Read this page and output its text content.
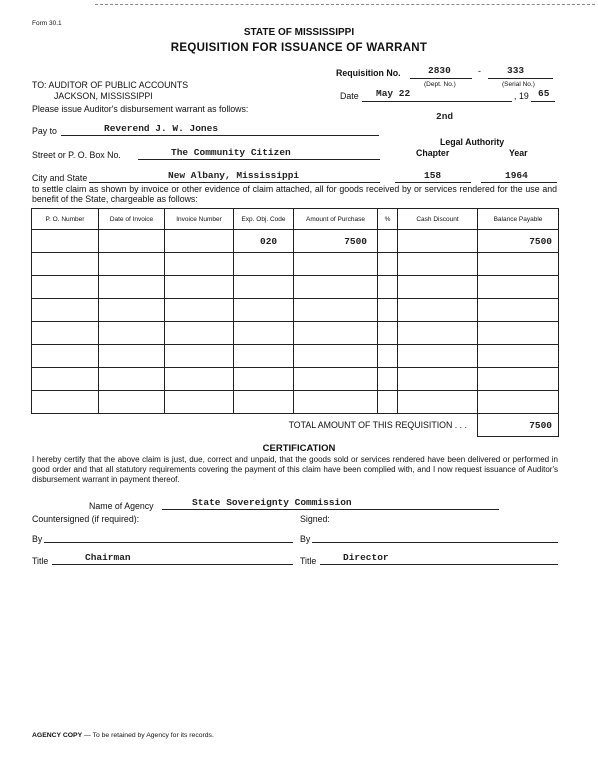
Form 30.1
STATE OF MISSISSIPPI
REQUISITION FOR ISSUANCE OF WARRANT
Requisition No.	2830	-	333
(Dept. No.)	(Serial No.)
Date May 22	, 19 65
TO: AUDITOR OF PUBLIC ACCOUNTS
JACKSON, MISSISSIPPI
Please issue Auditor's disbursement warrant as follows:
2nd
Legal Authority
Chapter	Year
Pay to	Reverend J. W. Jones
Street or P. O. Box No.	The Community Citizen
City and State	New Albany, Mississippi	158	1964
to settle claim as shown by invoice or other evidence of claim attached, all for goods received by or services rendered for the use and benefit of the State, chargeable as follows:
P. O. Number	Date of Invoice	Invoice Number	Exp. Obj. Code	Amount of Purchase	%	Cash Discount	Balance Payable
			020	7500			7500

TOTAL AMOUNT OF THIS REQUISITION . . .							7500
CERTIFICATION
I hereby certify that the above claim is just, due, correct and unpaid, that the goods sold or services rendered have been delivered or performed in good order and that all statutory requirements covering the payment of this claim have been complied with, and I now request issuance of Auditor's disbursement warrant in payment thereof.
Name of Agency	State Sovereignty Commission
Countersigned (if required):	Signed:
By	By
Title	Chairman	Title	Director
AGENCY COPY — To be retained by Agency for its records.
